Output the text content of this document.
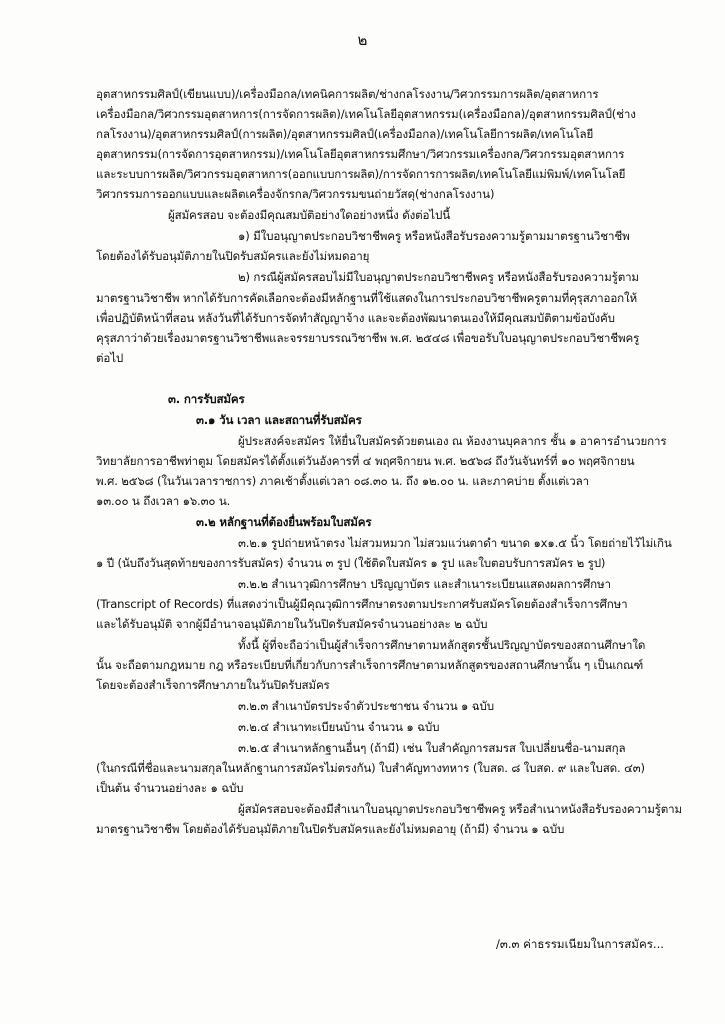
๒
อุตสาหกรรมศิลป์(เขียนแบบ)/เครื่องมือกล/เทคนิคการผลิต/ช่างกลโรงงาน/วิศวกรรมการผลิต/อุตสาหการ
เครื่องมือกล/วิศวกรรมอุตสาหการ(การจัดการผลิต)/เทคโนโลยีอุตสาหกรรม(เครื่องมือกล)/อุตสาหกรรมศิลป์(ช่าง
กลโรงงาน)/อุตสาหกรรมศิลป์(การผลิต)/อุตสาหกรรมศิลป์(เครื่องมือกล)/เทคโนโลยีการผลิต/เทคโนโลยี
อุตสาหกรรม(การจัดการอุตสาหกรรม)/เทคโนโลยีอุตสาหกรรมศึกษา/วิศวกรรมเครื่องกล/วิศวกรรมอุตสาหการ
และระบบการผลิต/วิศวกรรมอุตสาหการ(ออกแบบการผลิต)/การจัดการการผลิต/เทคโนโลยีแม่พิมพ์/เทคโนโลยี
วิศวกรรมการออกแบบและผลิตเครื่องจักรกล/วิศวกรรมขนถ่ายวัสดุ(ช่างกลโรงงาน)
ผู้สมัครสอบ จะต้องมีคุณสมบัติอย่างใดอย่างหนึ่ง ดังต่อไปนี้
๑) มีใบอนุญาตประกอบวิชาชีพครู หรือหนังสือรับรองความรู้ตามมาตรฐานวิชาชีพ
โดยต้องได้รับอนุมัติภายในปิดรับสมัครและยังไม่หมดอายุ
๒) กรณีผู้สมัครสอบไม่มีใบอนุญาตประกอบวิชาชีพครู หรือหนังสือรับรองความรู้ตาม
มาตรฐานวิชาชีพ หากได้รับการคัดเลือกจะต้องมีหลักฐานที่ใช้แสดงในการประกอบวิชาชีพครูตามที่คุรุสภาออกให้
เพื่อปฏิบัติหน้าที่สอน หลังวันที่ได้รับการจัดทำสัญญาจ้าง และจะต้องพัฒนาตนเองให้มีคุณสมบัติตามข้อบังคับ
คุรุสภาว่าด้วยเรื่องมาตรฐานวิชาชีพและจรรยาบรรณวิชาชีพ พ.ศ. ๒๕๔๘ เพื่อขอรับใบอนุญาตประกอบวิชาชีพครู
ต่อไป
๓. การรับสมัคร
๓.๑ วัน เวลา และสถานที่รับสมัคร
ผู้ประสงค์จะสมัคร ให้ยื่นใบสมัครด้วยตนเอง ณ ห้องงานบุคลากร ชั้น ๑ อาคารอำนวยการ
วิทยาลัยการอาชีพท่าตูม โดยสมัครได้ตั้งแต่วันอังคารที่ ๔ พฤศจิกายน พ.ศ. ๒๕๖๘ ถึงวันจันทร์ที่ ๑๐ พฤศจิกายน
พ.ศ. ๒๕๖๘ (ในวันเวลาราชการ) ภาคเช้าตั้งแต่เวลา ๐๘.๓๐ น. ถึง ๑๒.๐๐ น. และภาคบ่าย ตั้งแต่เวลา
๑๓.๐๐ น ถึงเวลา ๑๖.๓๐ น.
๓.๒ หลักฐานที่ต้องยื่นพร้อมใบสมัคร
๓.๒.๑ รูปถ่ายหน้าตรง ไม่สวมหมวก ไม่สวมแว่นตาดำ ขนาด ๑x๑.๕ นิ้ว โดยถ่ายไว้ไม่เกิน
๑ ปี (นับถึงวันสุดท้ายของการรับสมัคร) จำนวน ๓ รูป (ใช้ติดใบสมัคร ๑ รูป และใบตอบรับการสมัคร ๒ รูป)
๓.๒.๒ สำเนาวุฒิการศึกษา ปริญญาบัตร และสำเนาระเบียนแสดงผลการศึกษา
(Transcript of Records) ที่แสดงว่าเป็นผู้มีคุณวุฒิการศึกษาตรงตามประกาศรับสมัครโดยต้องสำเร็จการศึกษา
และได้รับอนุมัติ จากผู้มีอำนาจอนุมัติภายในวันปิดรับสมัครจำนวนอย่างละ ๒ ฉบับ
ทั้งนี้ ผู้ที่จะถือว่าเป็นผู้สำเร็จการศึกษาตามหลักสูตรชั้นปริญญาบัตรของสถานศึกษาใด
นั้น จะถือตามกฎหมาย กฎ หรือระเบียบที่เกี่ยวกับการสำเร็จการศึกษาตามหลักสูตรของสถานศึกษานั้น ๆ เป็นเกณฑ์
โดยจะต้องสำเร็จการศึกษาภายในวันปิดรับสมัคร
๓.๒.๓ สำเนาบัตรประจำตัวประชาชน จำนวน ๑ ฉบับ
๓.๒.๔ สำเนาทะเบียนบ้าน จำนวน ๑ ฉบับ
๓.๒.๕ สำเนาหลักฐานอื่นๆ (ถ้ามี) เช่น ใบสำคัญการสมรส ใบเปลี่ยนชื่อ-นามสกุล
(ในกรณีที่ชื่อและนามสกุลในหลักฐานการสมัครไม่ตรงกัน) ใบสำคัญทางทหาร (ใบสด. ๘ ใบสด. ๙ และใบสด. ๔๓)
เป็นต้น จำนวนอย่างละ ๑ ฉบับ
ผู้สมัครสอบจะต้องมีสำเนาใบอนุญาตประกอบวิชาชีพครู หรือสำเนาหนังสือรับรองความรู้ตาม
มาตรฐานวิชาชีพ โดยต้องได้รับอนุมัติภายในปิดรับสมัครและยังไม่หมดอายุ (ถ้ามี) จำนวน ๑ ฉบับ
/๓.๓ ค่าธรรมเนียมในการสมัคร...
